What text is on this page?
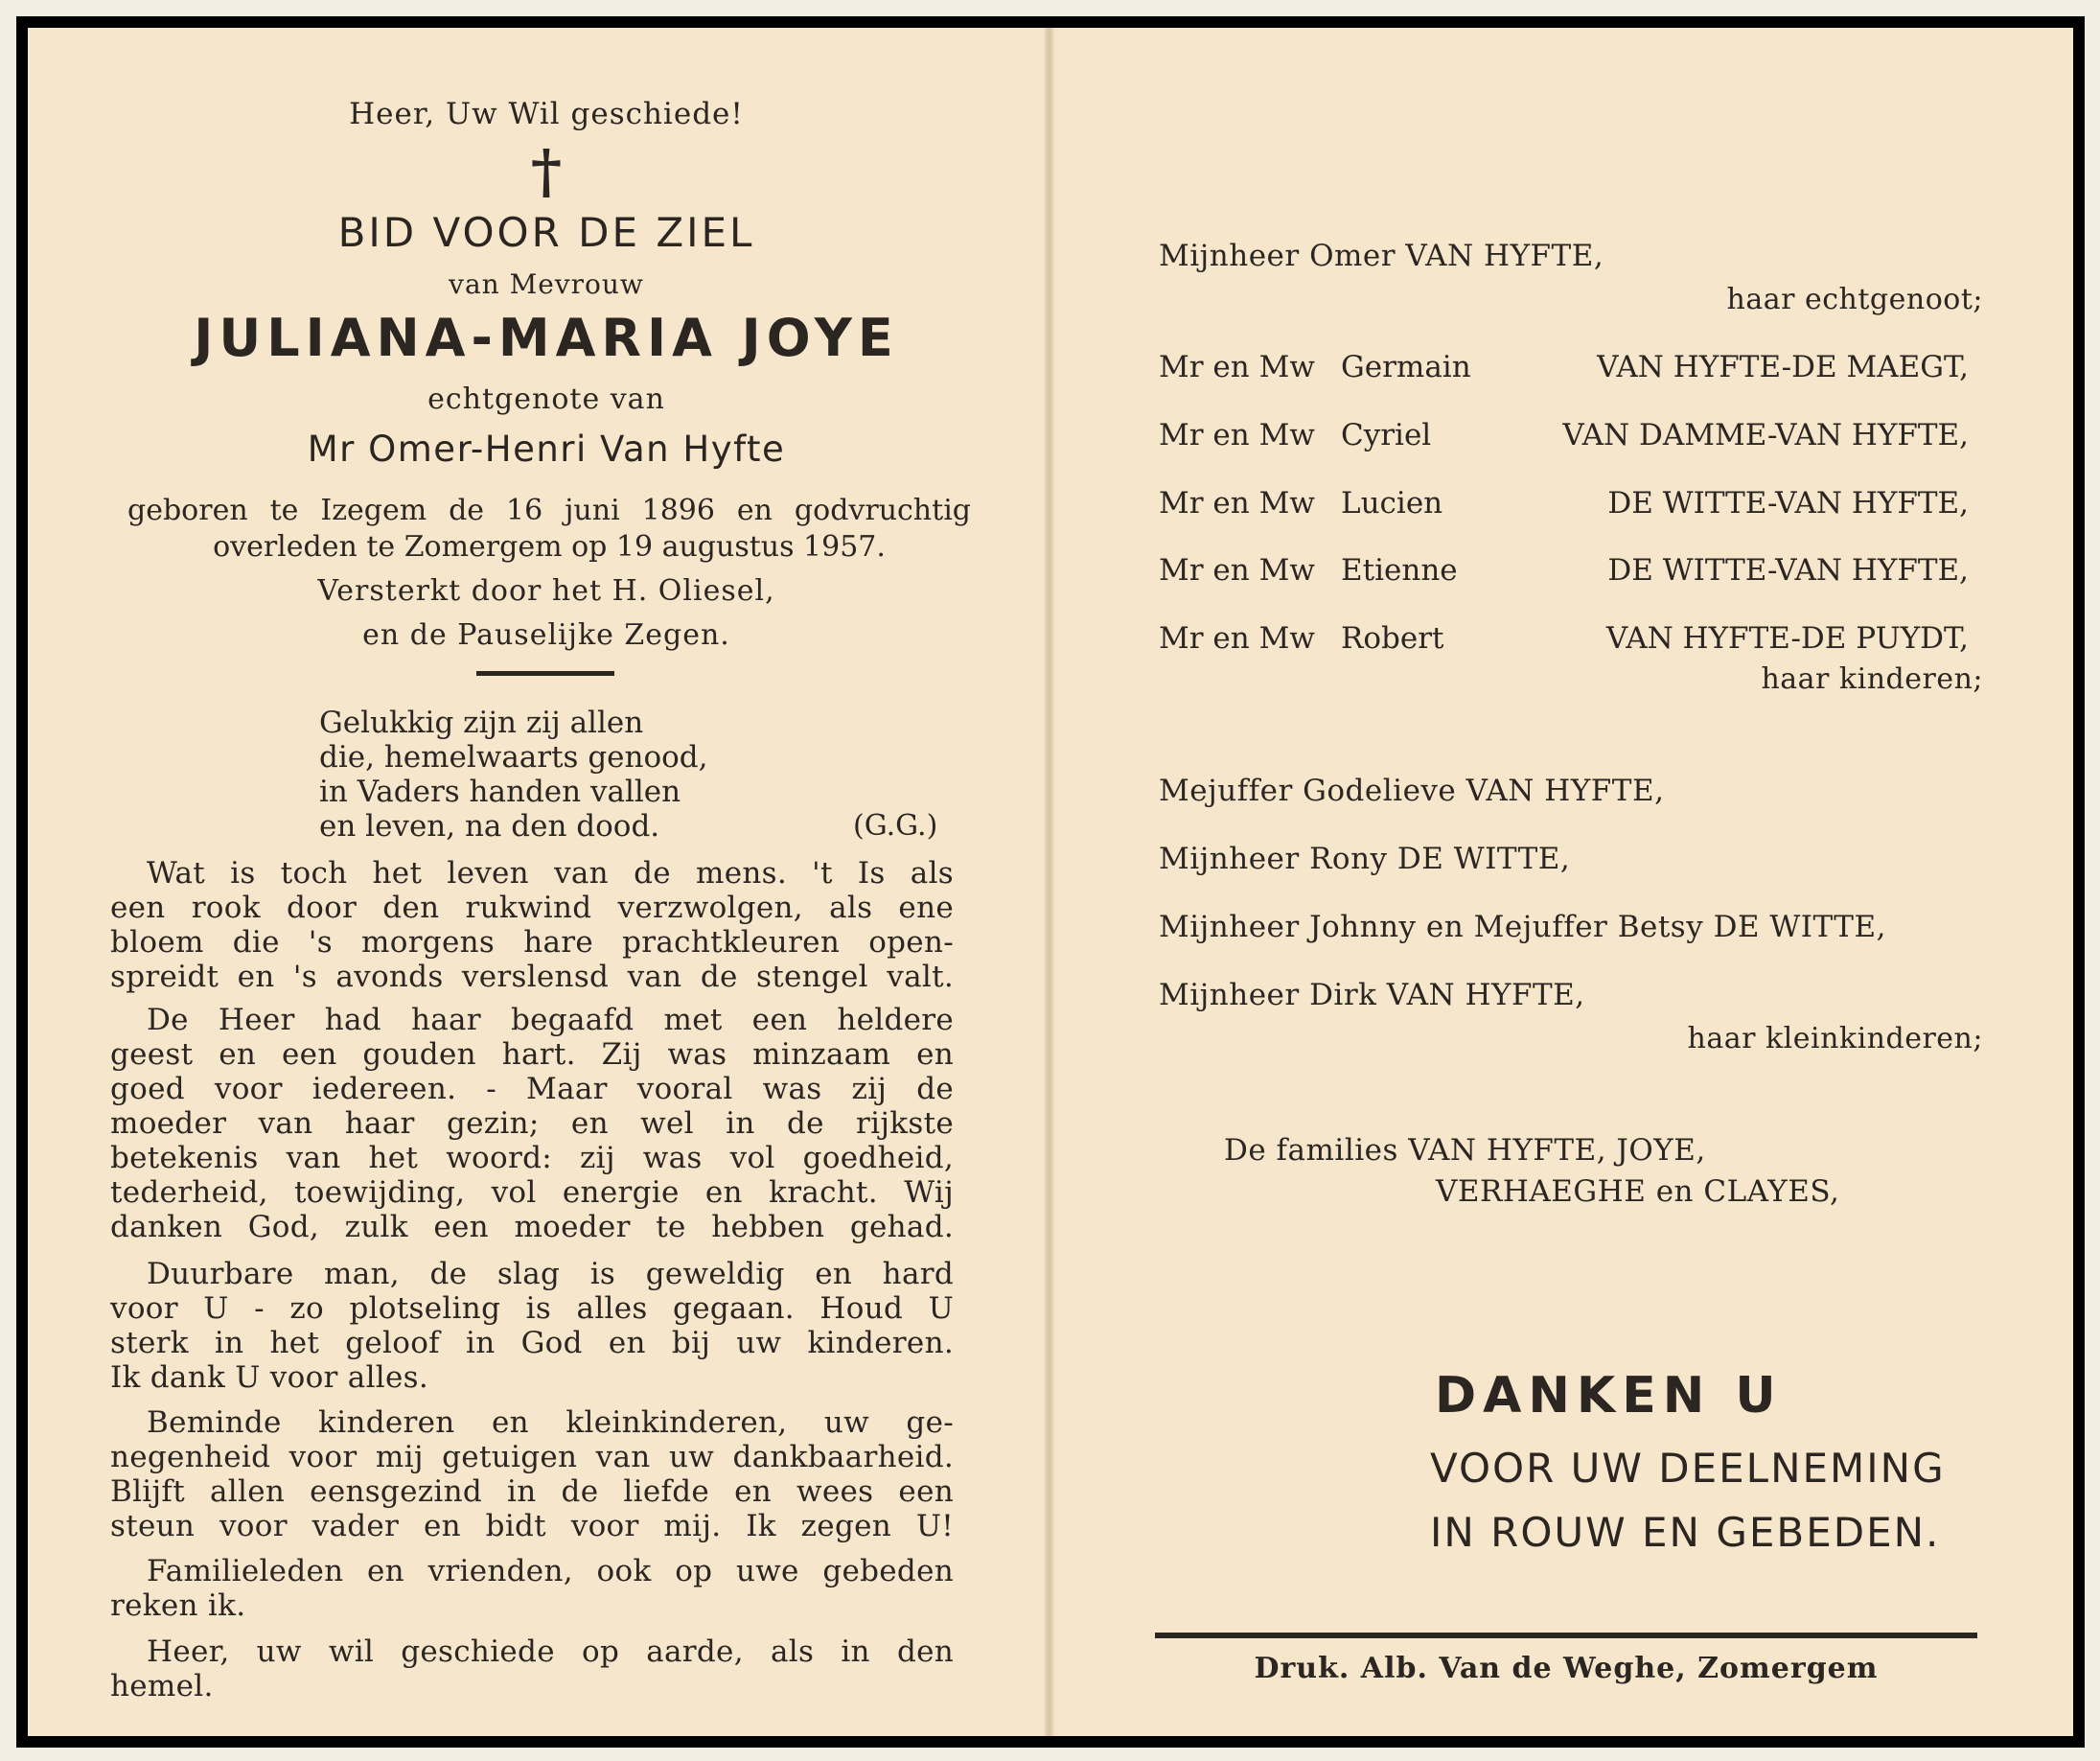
Heer, Uw Wil geschiede!
†
BID VOOR DE ZIEL
van Mevrouw
JULIANA-MARIA JOYE
echtgenote van
Mr Omer-Henri Van Hyfte
geboren te Izegem de 16 juni 1896 en godvruchtig
overleden te Zomergem op 19 augustus 1957.
Versterkt door het H. Oliesel,
en de Pauselijke Zegen.
Gelukkig zijn zij allen
die, hemelwaarts genood,
in Vaders handen vallen
en leven, na den dood.	(G.G.)
Wat is toch het leven van de mens. 't Is als
een rook door den rukwind verzwolgen, als ene
bloem die 's morgens hare prachtkleuren open-
spreidt en 's avonds verslensd van de stengel valt.
De Heer had haar begaafd met een heldere
geest en een gouden hart. Zij was minzaam en
goed voor iedereen. - Maar vooral was zij de
moeder van haar gezin; en wel in de rijkste
betekenis van het woord: zij was vol goedheid,
tederheid, toewijding, vol energie en kracht. Wij
danken God, zulk een moeder te hebben gehad.
Duurbare man, de slag is geweldig en hard
voor U - zo plotseling is alles gegaan. Houd U
sterk in het geloof in God en bij uw kinderen.
Ik dank U voor alles.
Beminde kinderen en kleinkinderen, uw ge-
negenheid voor mij getuigen van uw dankbaarheid.
Blijft allen eensgezind in de liefde en wees een
steun voor vader en bidt voor mij. Ik zegen U!
Familieleden en vrienden, ook op uwe gebeden
reken ik.
Heer, uw wil geschiede op aarde, als in den
hemel.
Mijnheer Omer VAN HYFTE,
haar echtgenoot;
Mr en Mw Germain	VAN HYFTE-DE MAEGT,
Mr en Mw Cyriel	VAN DAMME-VAN HYFTE,
Mr en Mw Lucien	DE WITTE-VAN HYFTE,
Mr en Mw Etienne	DE WITTE-VAN HYFTE,
Mr en Mw Robert	VAN HYFTE-DE PUYDT,
haar kinderen;
Mejuffer Godelieve VAN HYFTE,
Mijnheer Rony DE WITTE,
Mijnheer Johnny en Mejuffer Betsy DE WITTE,
Mijnheer Dirk VAN HYFTE,
haar kleinkinderen;
De families VAN HYFTE, JOYE,
VERHAEGHE en CLAYES,
DANKEN U
VOOR UW DEELNEMING
IN ROUW EN GEBEDEN.
Druk. Alb. Van de Weghe, Zomergem
